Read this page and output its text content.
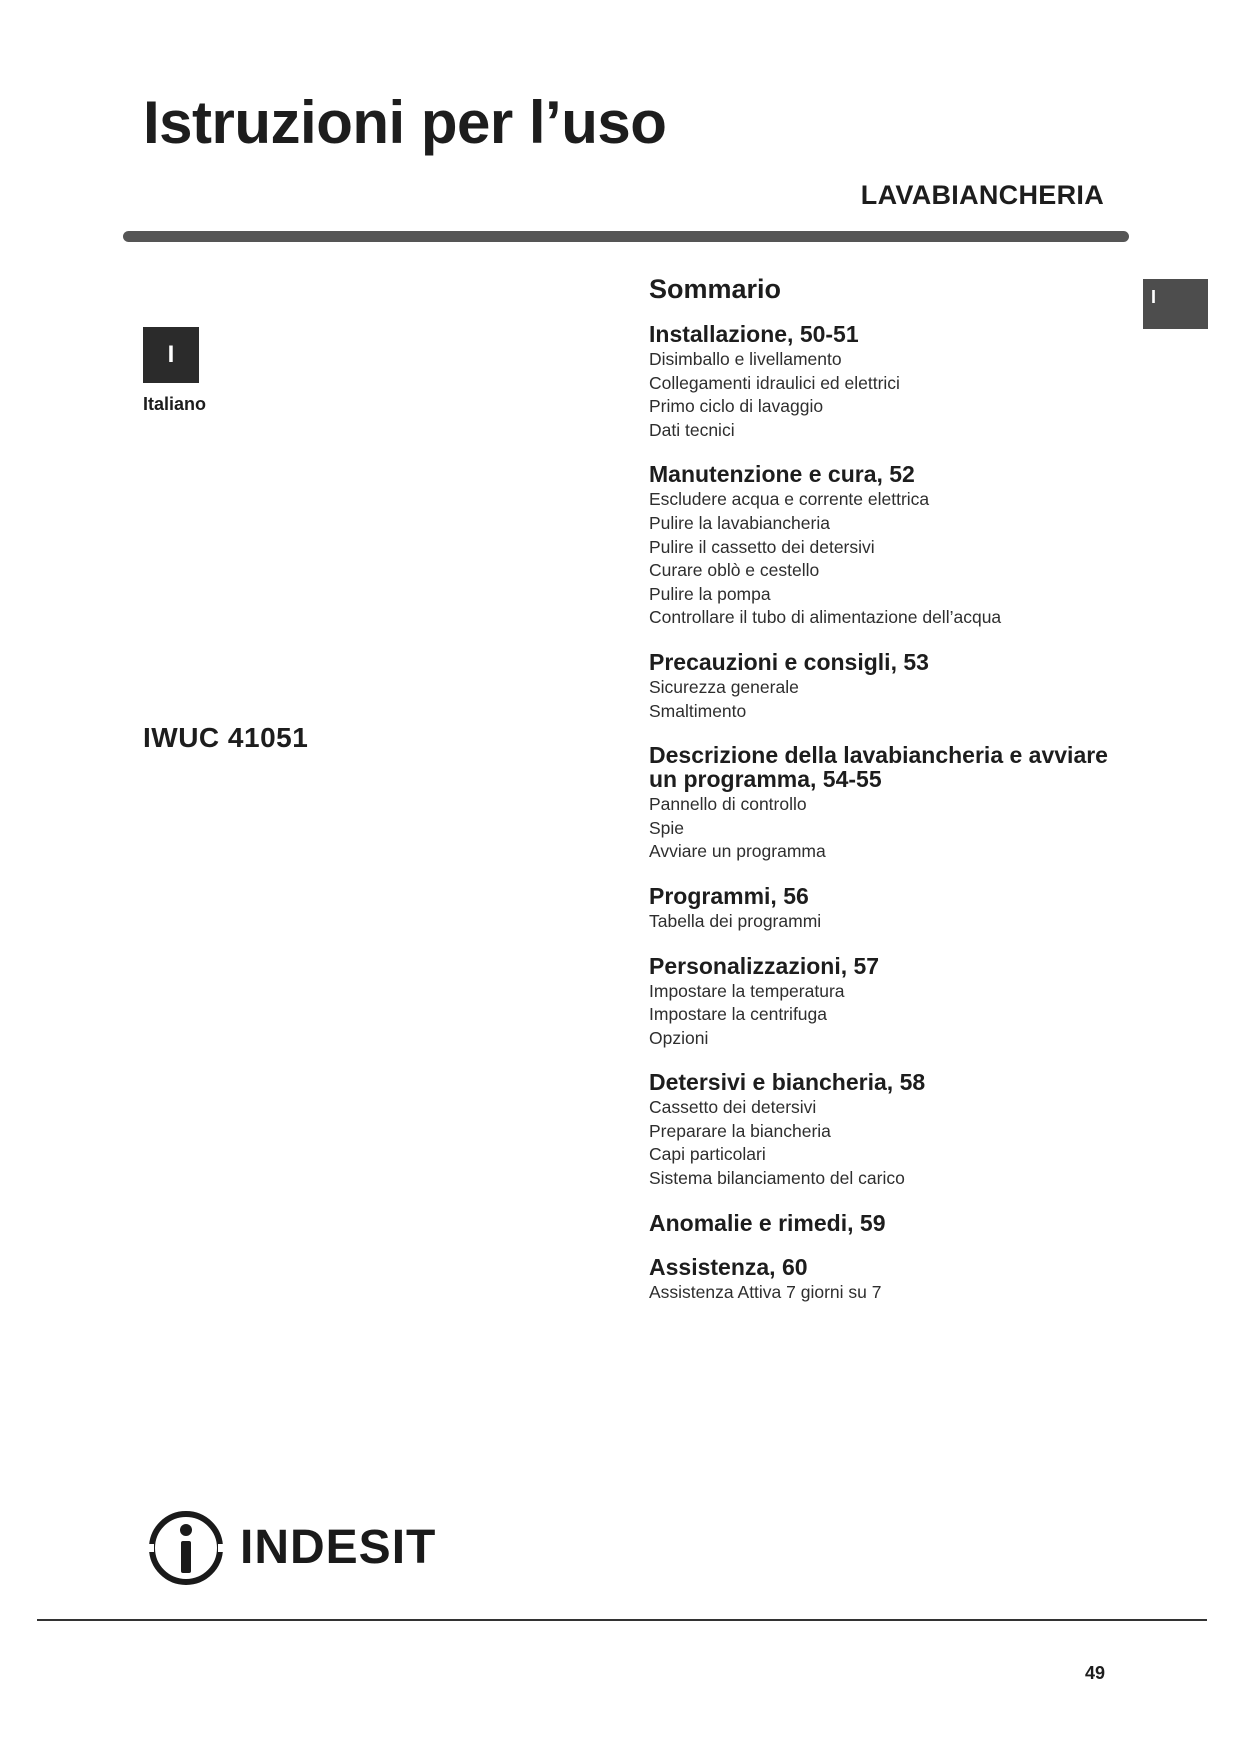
Istruzioni per l’uso
LAVABIANCHERIA
I
Italiano
I
IWUC 41051
Sommario
Installazione, 50-51
Disimballo e livellamento
Collegamenti idraulici ed elettrici
Primo ciclo di lavaggio
Dati tecnici
Manutenzione e cura, 52
Escludere acqua e corrente elettrica
Pulire la lavabiancheria
Pulire il cassetto dei detersivi
Curare oblò e cestello
Pulire la pompa
Controllare il tubo di alimentazione dell’acqua
Precauzioni e consigli, 53
Sicurezza generale
Smaltimento
Descrizione della lavabiancheria e avviare un programma, 54-55
Pannello di controllo
Spie
Avviare un programma
Programmi, 56
Tabella dei programmi
Personalizzazioni, 57
Impostare la temperatura
Impostare la centrifuga
Opzioni
Detersivi e biancheria, 58
Cassetto dei detersivi
Preparare la biancheria
Capi particolari
Sistema bilanciamento del carico
Anomalie e rimedi, 59
Assistenza, 60
Assistenza Attiva 7 giorni su 7
INDESIT
49
